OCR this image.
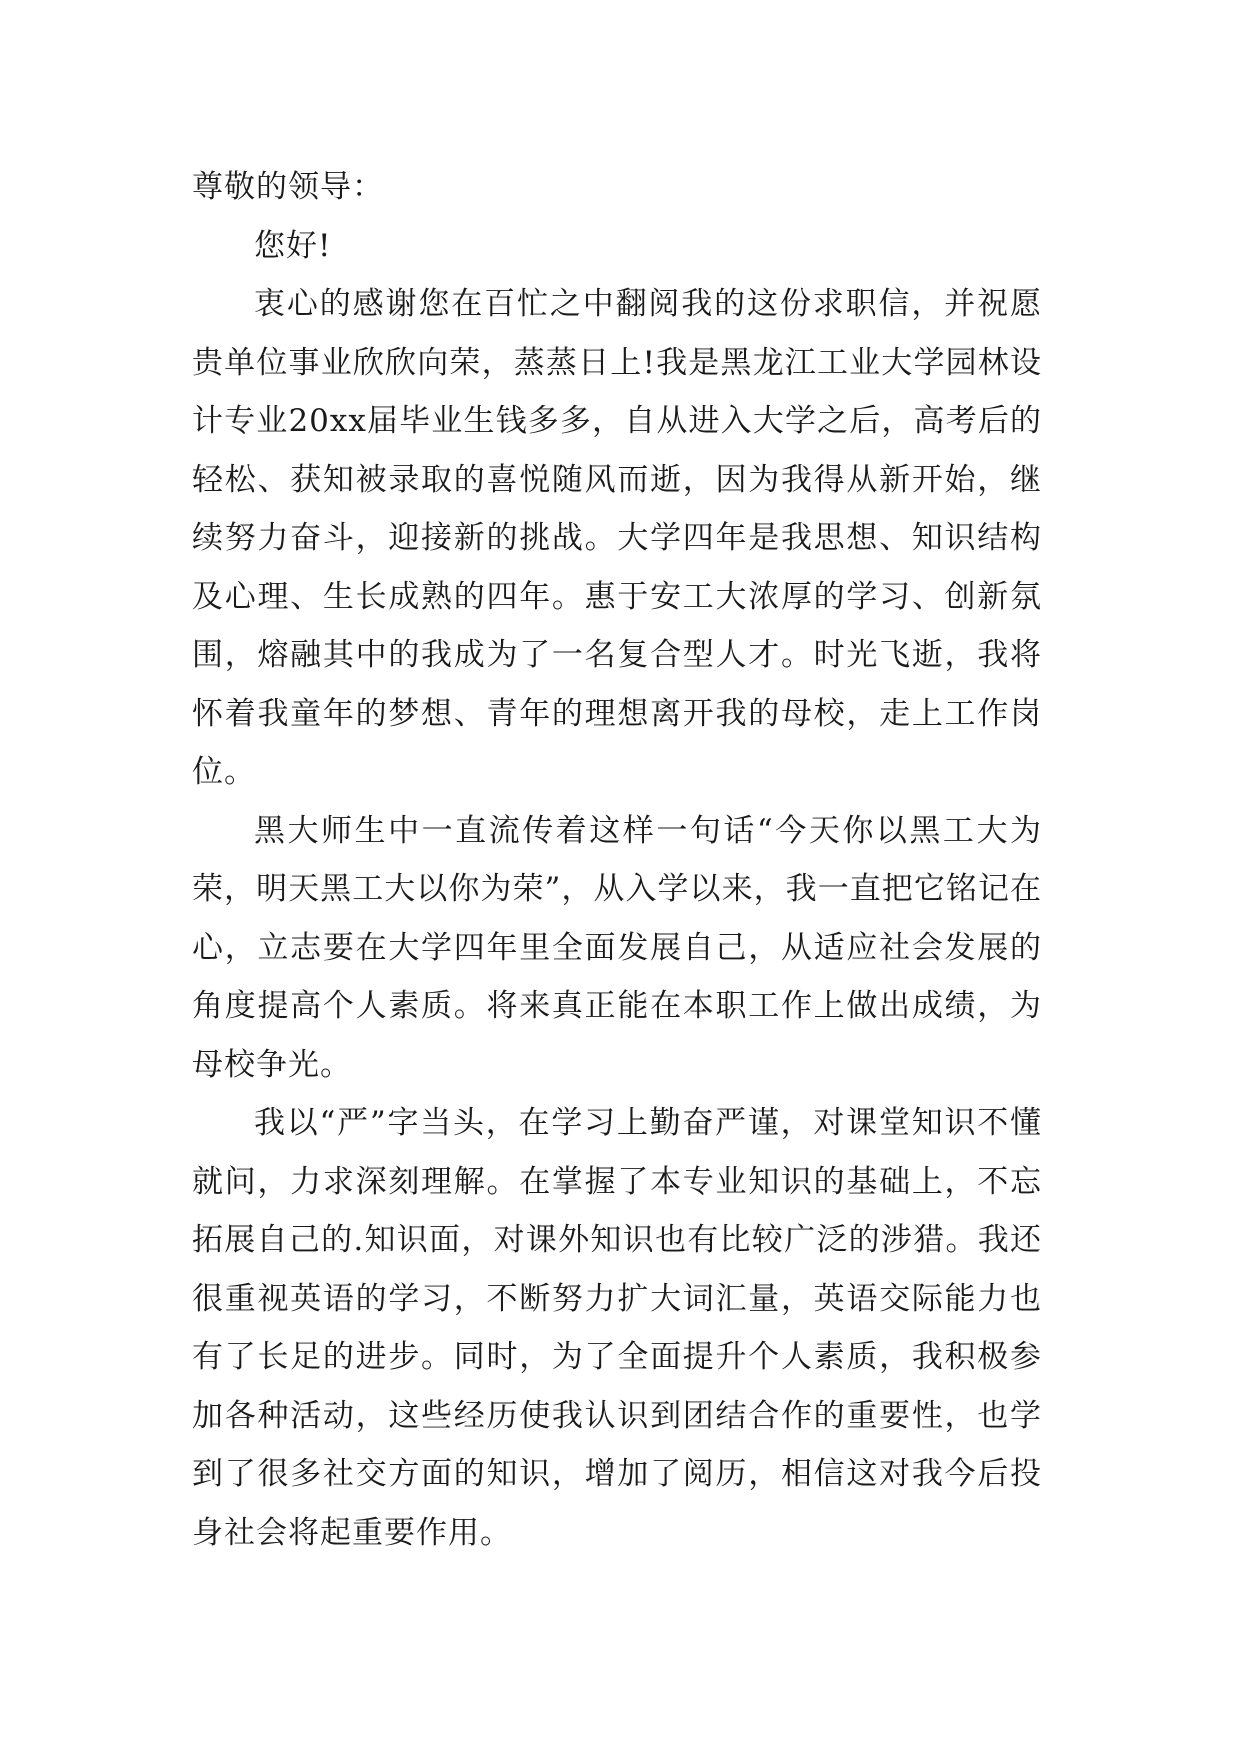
尊敬的领导：

您好!

衷心的感谢您在百忙之中翻阅我的这份求职信，并祝愿贵单位事业欣欣向荣，蒸蒸日上!我是黑龙江工业大学园林设计专业20xx届毕业生钱多多，自从进入大学之后，高考后的轻松、获知被录取的喜悦随风而逝，因为我得从新开始，继续努力奋斗，迎接新的挑战。大学四年是我思想、知识结构及心理、生长成熟的四年。惠于安工大浓厚的学习、创新氛围，熔融其中的我成为了一名复合型人才。时光飞逝，我将怀着我童年的梦想、青年的理想离开我的母校，走上工作岗位。

黑大师生中一直流传着这样一句话“今天你以黑工大为荣，明天黑工大以你为荣”，从入学以来，我一直把它铭记在心，立志要在大学四年里全面发展自己，从适应社会发展的角度提高个人素质。将来真正能在本职工作上做出成绩，为母校争光。

我以“严”字当头，在学习上勤奋严谨，对课堂知识不懂就问，力求深刻理解。在掌握了本专业知识的基础上，不忘拓展自己的.知识面，对课外知识也有比较广泛的涉猎。我还很重视英语的学习，不断努力扩大词汇量，英语交际能力也有了长足的进步。同时，为了全面提升个人素质，我积极参加各种活动，这些经历使我认识到团结合作的重要性，也学到了很多社交方面的知识，增加了阅历，相信这对我今后投身社会将起重要作用。
